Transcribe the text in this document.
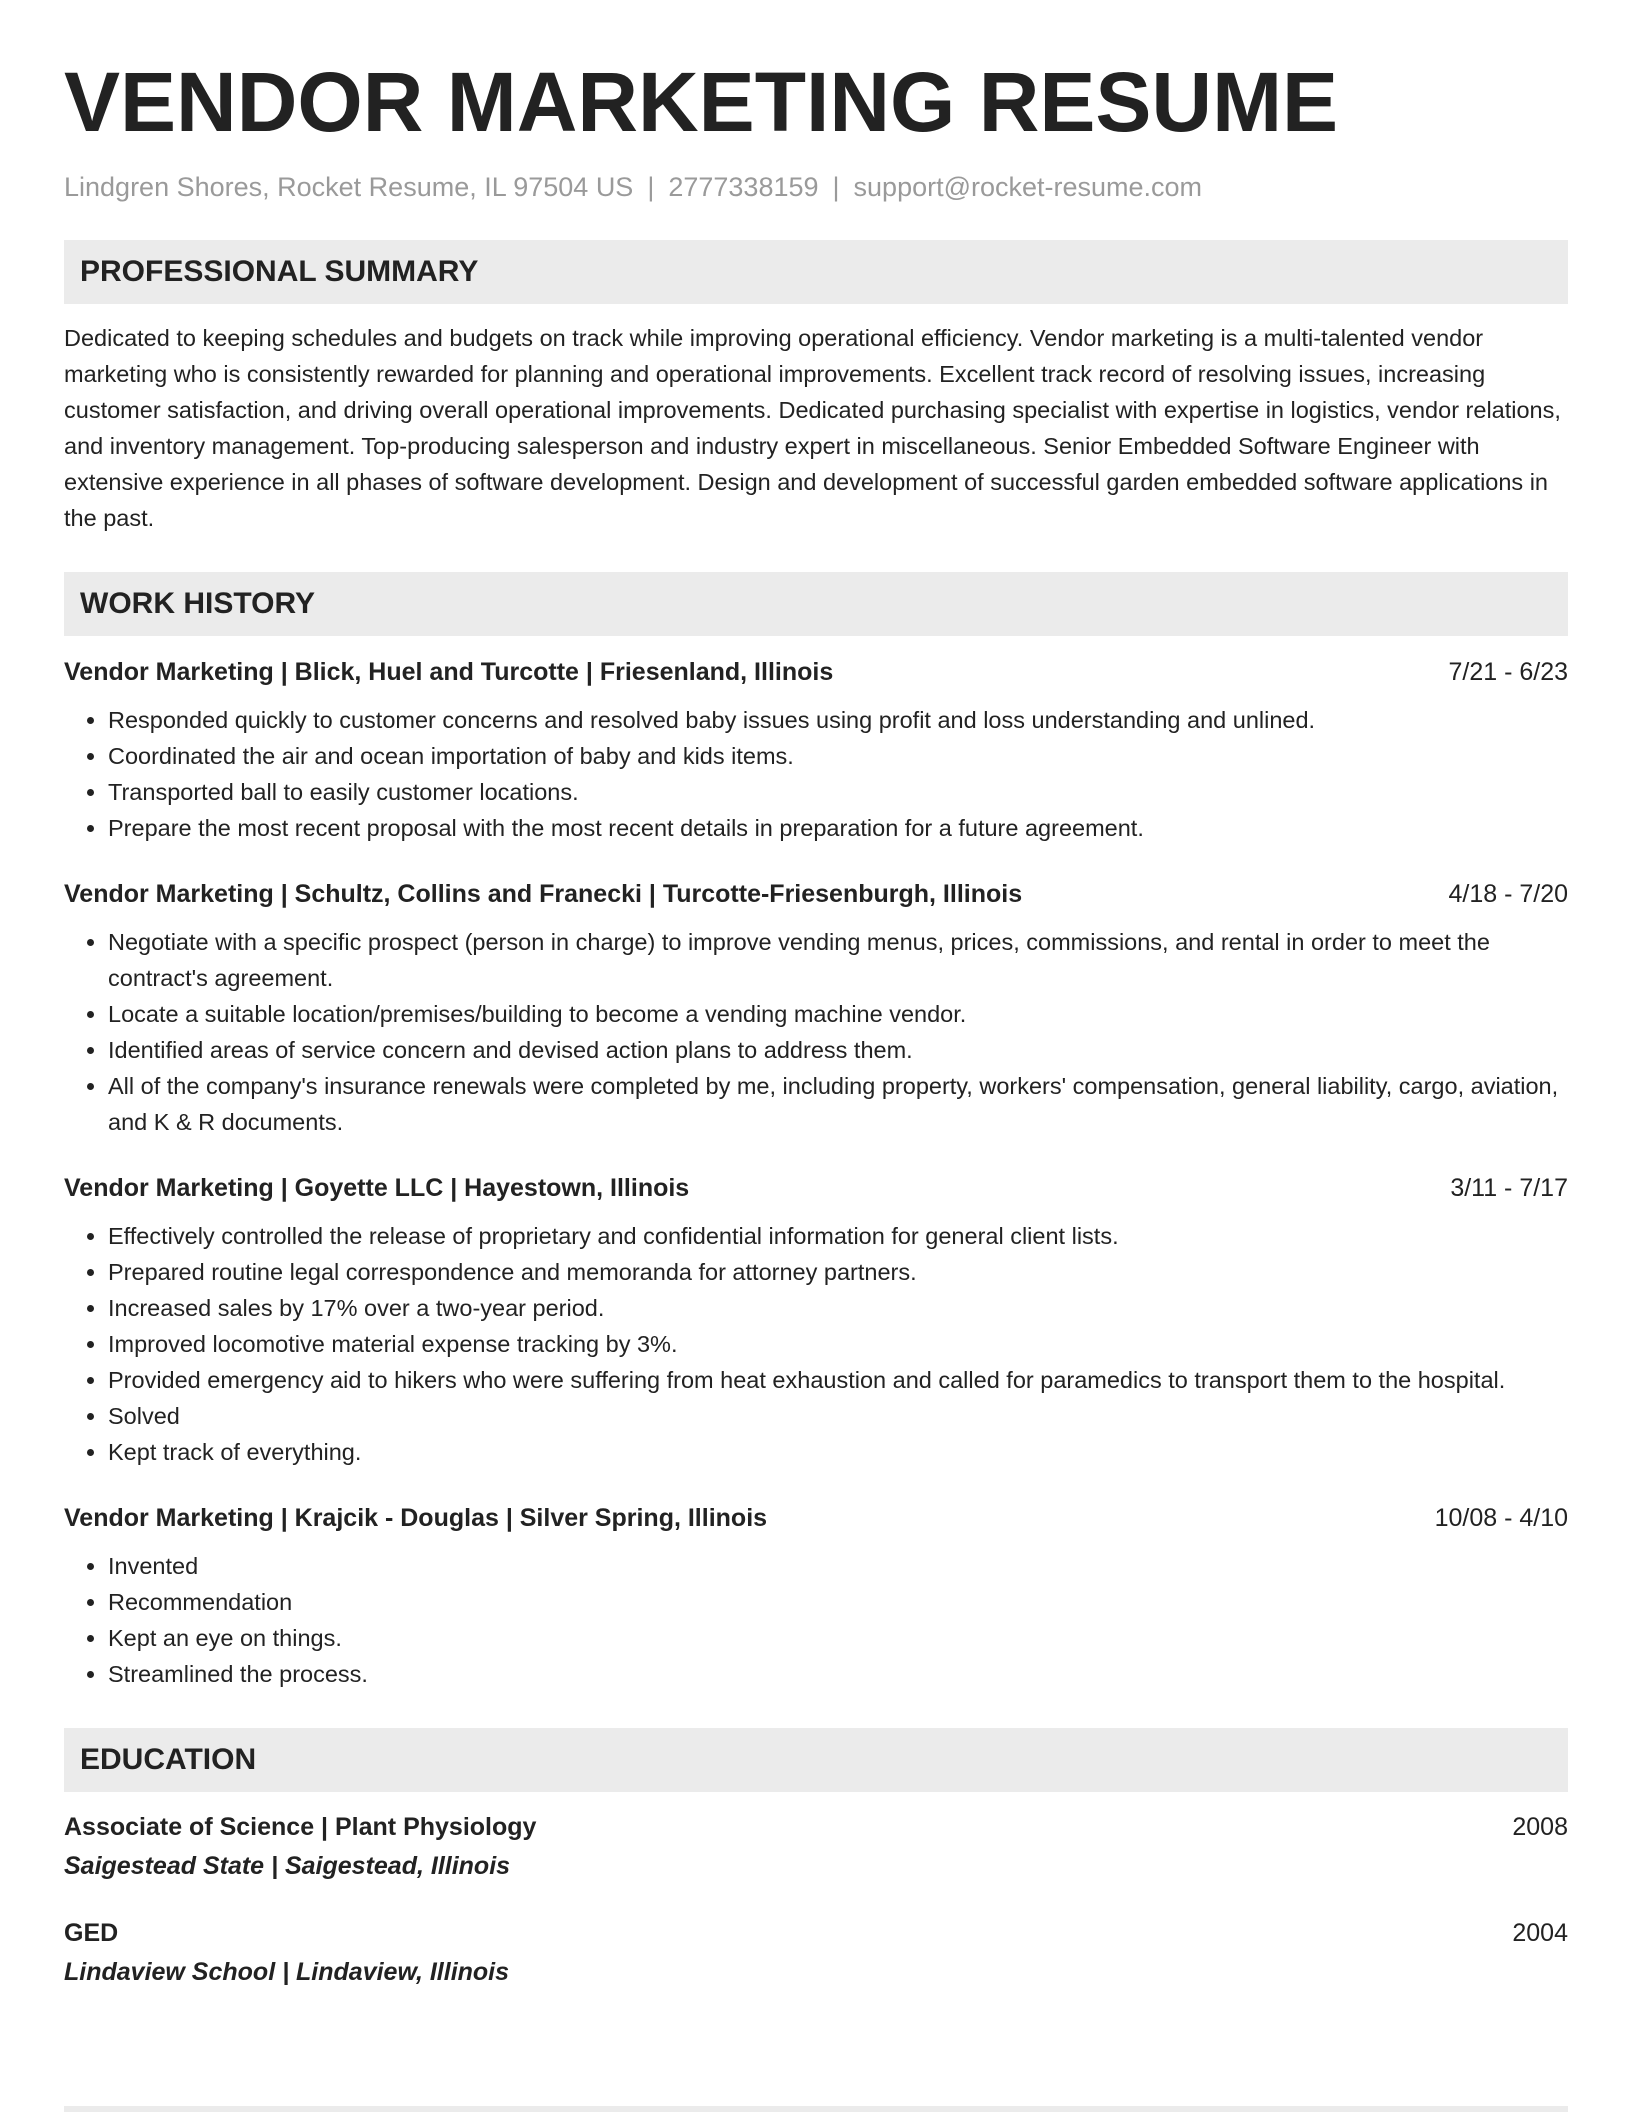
VENDOR MARKETING RESUME
Lindgren Shores, Rocket Resume, IL 97504 US | 2777338159 | support@rocket-resume.com
PROFESSIONAL SUMMARY
Dedicated to keeping schedules and budgets on track while improving operational efficiency. Vendor marketing is a multi-talented vendor marketing who is consistently rewarded for planning and operational improvements. Excellent track record of resolving issues, increasing customer satisfaction, and driving overall operational improvements. Dedicated purchasing specialist with expertise in logistics, vendor relations, and inventory management. Top-producing salesperson and industry expert in miscellaneous. Senior Embedded Software Engineer with extensive experience in all phases of software development. Design and development of successful garden embedded software applications in the past.
WORK HISTORY
Vendor Marketing | Blick, Huel and Turcotte | Friesenland, Illinois	7/21 - 6/23
• Responded quickly to customer concerns and resolved baby issues using profit and loss understanding and unlined.
• Coordinated the air and ocean importation of baby and kids items.
• Transported ball to easily customer locations.
• Prepare the most recent proposal with the most recent details in preparation for a future agreement.
Vendor Marketing | Schultz, Collins and Franecki | Turcotte-Friesenburgh, Illinois	4/18 - 7/20
• Negotiate with a specific prospect (person in charge) to improve vending menus, prices, commissions, and rental in order to meet the contract's agreement.
• Locate a suitable location/premises/building to become a vending machine vendor.
• Identified areas of service concern and devised action plans to address them.
• All of the company's insurance renewals were completed by me, including property, workers' compensation, general liability, cargo, aviation, and K & R documents.
Vendor Marketing | Goyette LLC | Hayestown, Illinois	3/11 - 7/17
• Effectively controlled the release of proprietary and confidential information for general client lists.
• Prepared routine legal correspondence and memoranda for attorney partners.
• Increased sales by 17% over a two-year period.
• Improved locomotive material expense tracking by 3%.
• Provided emergency aid to hikers who were suffering from heat exhaustion and called for paramedics to transport them to the hospital.
• Solved
• Kept track of everything.
Vendor Marketing | Krajcik - Douglas | Silver Spring, Illinois	10/08 - 4/10
• Invented
• Recommendation
• Kept an eye on things.
• Streamlined the process.
EDUCATION
Associate of Science | Plant Physiology	2008
Saigestead State | Saigestead, Illinois
GED	2004
Lindaview School | Lindaview, Illinois
